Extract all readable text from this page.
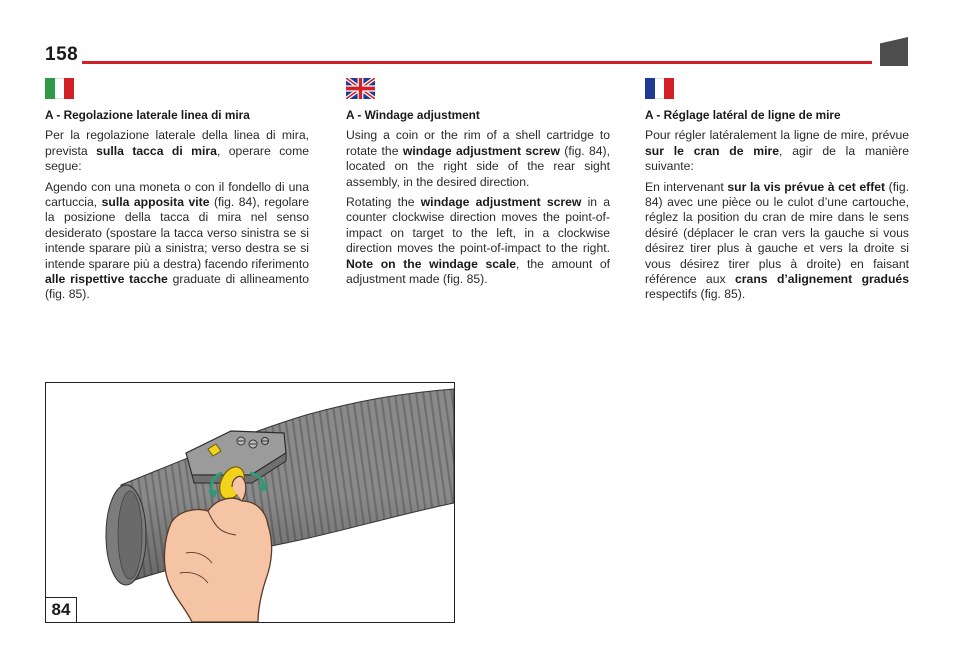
158

A - Regolazione laterale linea di mira

Per la regolazione laterale della linea di mira, prevista sulla tacca di mira, operare come segue:

Agendo con una moneta o con il fondello di una cartuccia, sulla apposita vite (fig. 84), regolare la posizione della tacca di mira nel senso desiderato (spostare la tacca verso sinistra se si intende sparare più a sinistra; verso destra se si intende sparare più a destra) facendo riferimento alle rispettive tacche graduate di allineamento (fig. 85).

A - Windage adjustment

Using a coin or the rim of a shell cartridge to rotate the windage adjustment screw (fig. 84), located on the right side of the rear sight assembly, in the desired direction.

Rotating the windage adjustment screw in a counter clockwise direction moves the point-of-impact on target to the left, in a clockwise direction moves the point-of-impact to the right. Note on the windage scale, the amount of adjustment made (fig. 85).

A - Réglage latéral de ligne de mire

Pour régler latéralement la ligne de mire, prévue sur le cran de mire, agir de la manière suivante:

En intervenant sur la vis prévue à cet effet (fig. 84) avec une pièce ou le culot d’une cartouche, réglez la position du cran de mire dans le sens désiré (déplacer le cran vers la gauche si vous désirez tirer plus à gauche et vers la droite si vous désirez tirer plus à droite) en faisant référence aux crans d’alignement gradués respectifs (fig. 85).

84
